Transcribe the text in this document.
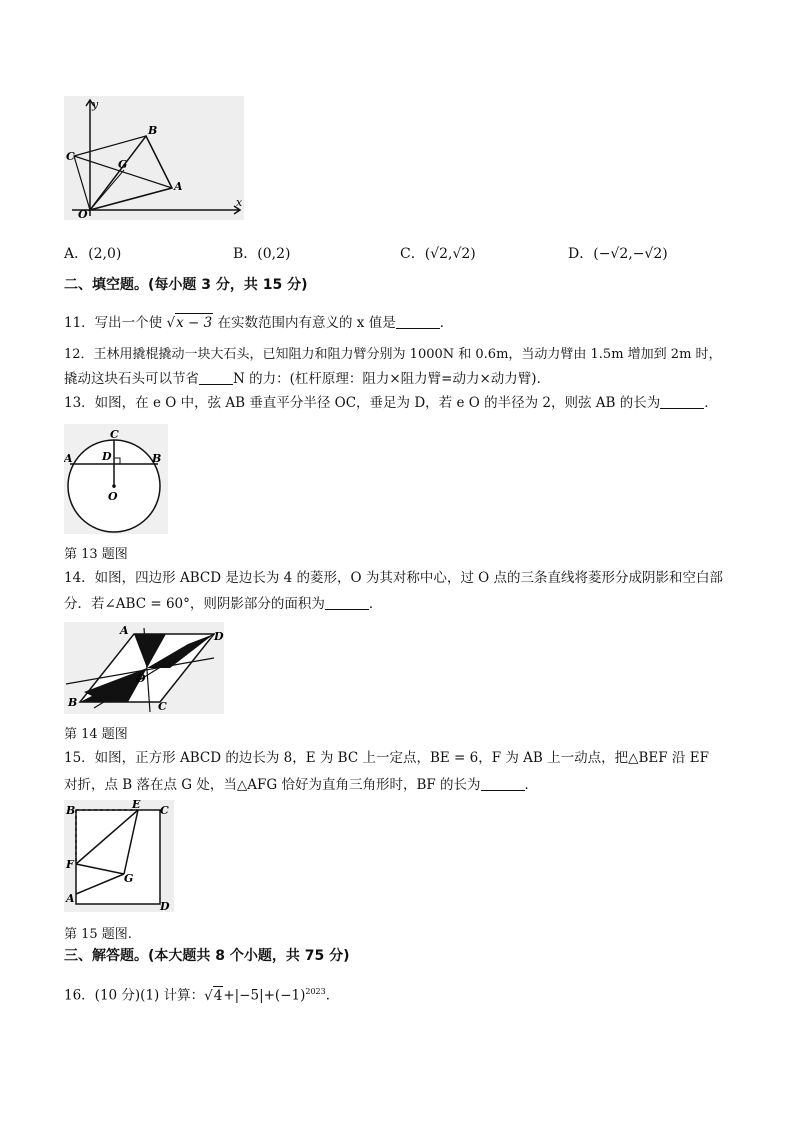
y
x
B
C
G
A
O
A．(2,0)	B．(0,2)	C．(√2,√2)	D．(−√2,−√2)
二、填空题。(每小题 3 分，共 15 分)
11．写出一个使 √x − 3 在实数范围内有意义的 x 值是	．
12．王林用撬棍撬动一块大石头，已知阻力和阻力臂分别为 1000N 和 0.6m，当动力臂由 1.5m 增加到 2m 时，
撬动这块石头可以节省	N 的力：(杠杆原理：阻力×阻力臂=动力×动力臂)．
13．如图，在 e O 中，弦 AB 垂直平分半径 OC，垂足为 D，若 e O 的半径为 2，则弦 AB 的长为	．
C
A	D	B
O
第 13 题图
14．如图，四边形 ABCD 是边长为 4 的菱形，O 为其对称中心，过 O 点的三条直线将菱形分成阴影和空白部
分．若∠ABC = 60°，则阴影部分的面积为	．
A	D
O
B	C
第 14 题图
15．如图，正方形 ABCD 的边长为 8，E 为 BC 上一定点，BE = 6，F 为 AB 上一动点，把△BEF 沿 EF
对折，点 B 落在点 G 处，当△AFG 恰好为直角三角形时，BF 的长为	．
B	E C
F
G
A
D
第 15 题图.
三、解答题。(本大题共 8 个小题，共 75 分)
16．(10 分)(1) 计算：$√4+|-5|+(-1)^{2023}$．
